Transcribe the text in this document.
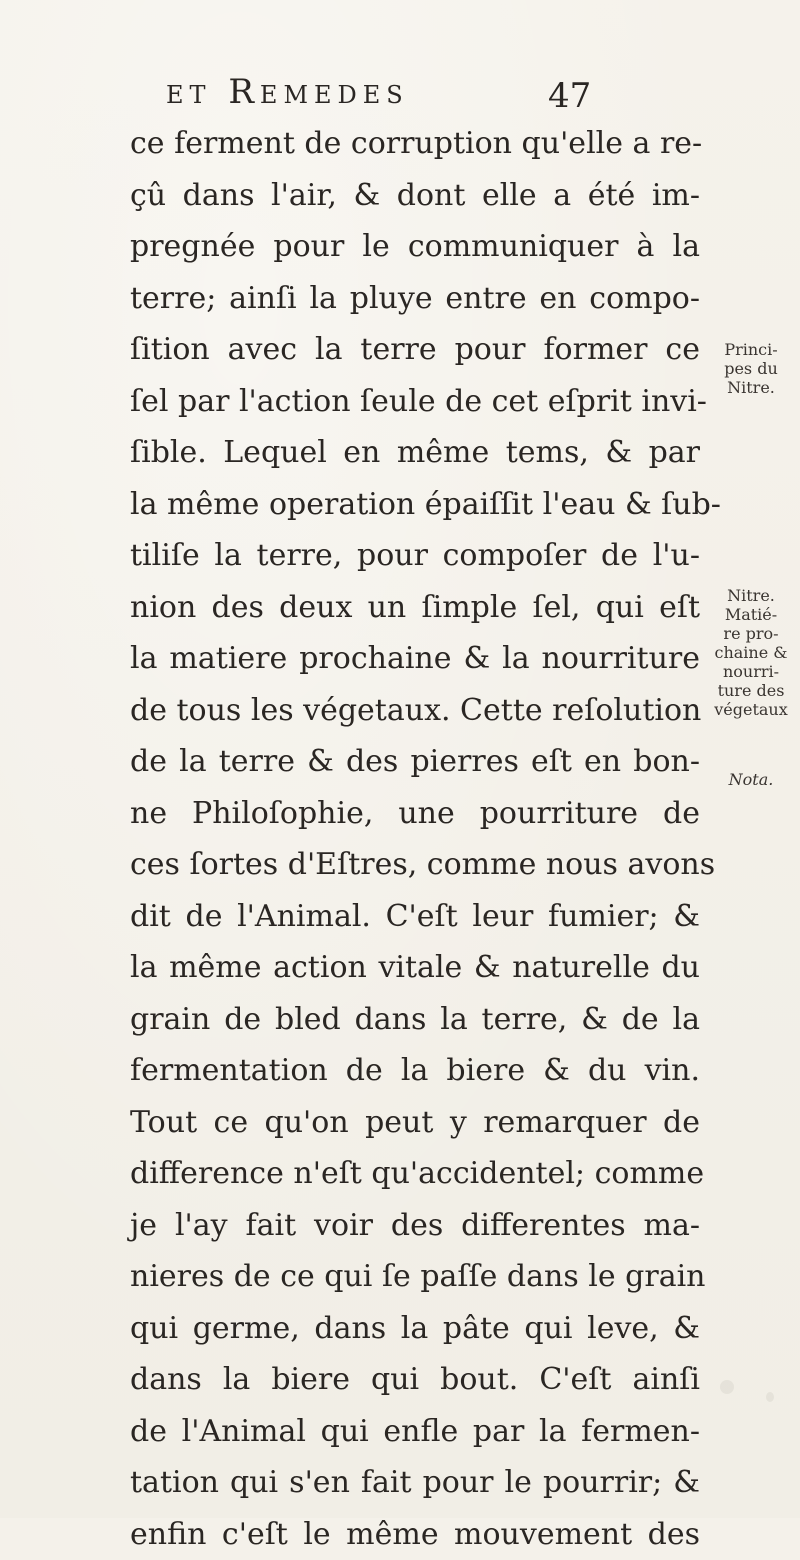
et Remedes	47
ce ferment de corruption qu'elle a re-
çû dans l'air, & dont elle a été im-
pregnée pour le communiquer à la
terre; ainſi la pluye entre en compo-
ſition avec la terre pour former ce
ſel par l'action ſeule de cet eſprit invi-
ſible. Lequel en même tems, & par
la même operation épaiſſit l'eau & ſub-
tiliſe la terre, pour compoſer de l'u-
nion des deux un ſimple ſel, qui eſt
la matiere prochaine & la nourriture
de tous les végetaux. Cette reſolution
de la terre & des pierres eſt en bon-
ne Philoſophie, une pourriture de
ces ſortes d'Eſtres, comme nous avons
dit de l'Animal. C'eſt leur fumier; &
la même action vitale & naturelle du
grain de bled dans la terre, & de la
fermentation de la biere & du vin.
Tout ce qu'on peut y remarquer de
difference n'eſt qu'accidentel; comme
je l'ay fait voir des differentes ma-
nieres de ce qui ſe paſſe dans le grain
qui germe, dans la pâte qui leve, &
dans la biere qui bout. C'eſt ainſi
de l'Animal qui enfle par la fermen-
tation qui s'en fait pour le pourrir; &
enfin c'eſt le même mouvement des
Princi-
pes du
Nitre.
Nitre.
Matié-
re pro-
chaine &
nourri-
ture des
végetaux
Nota.
